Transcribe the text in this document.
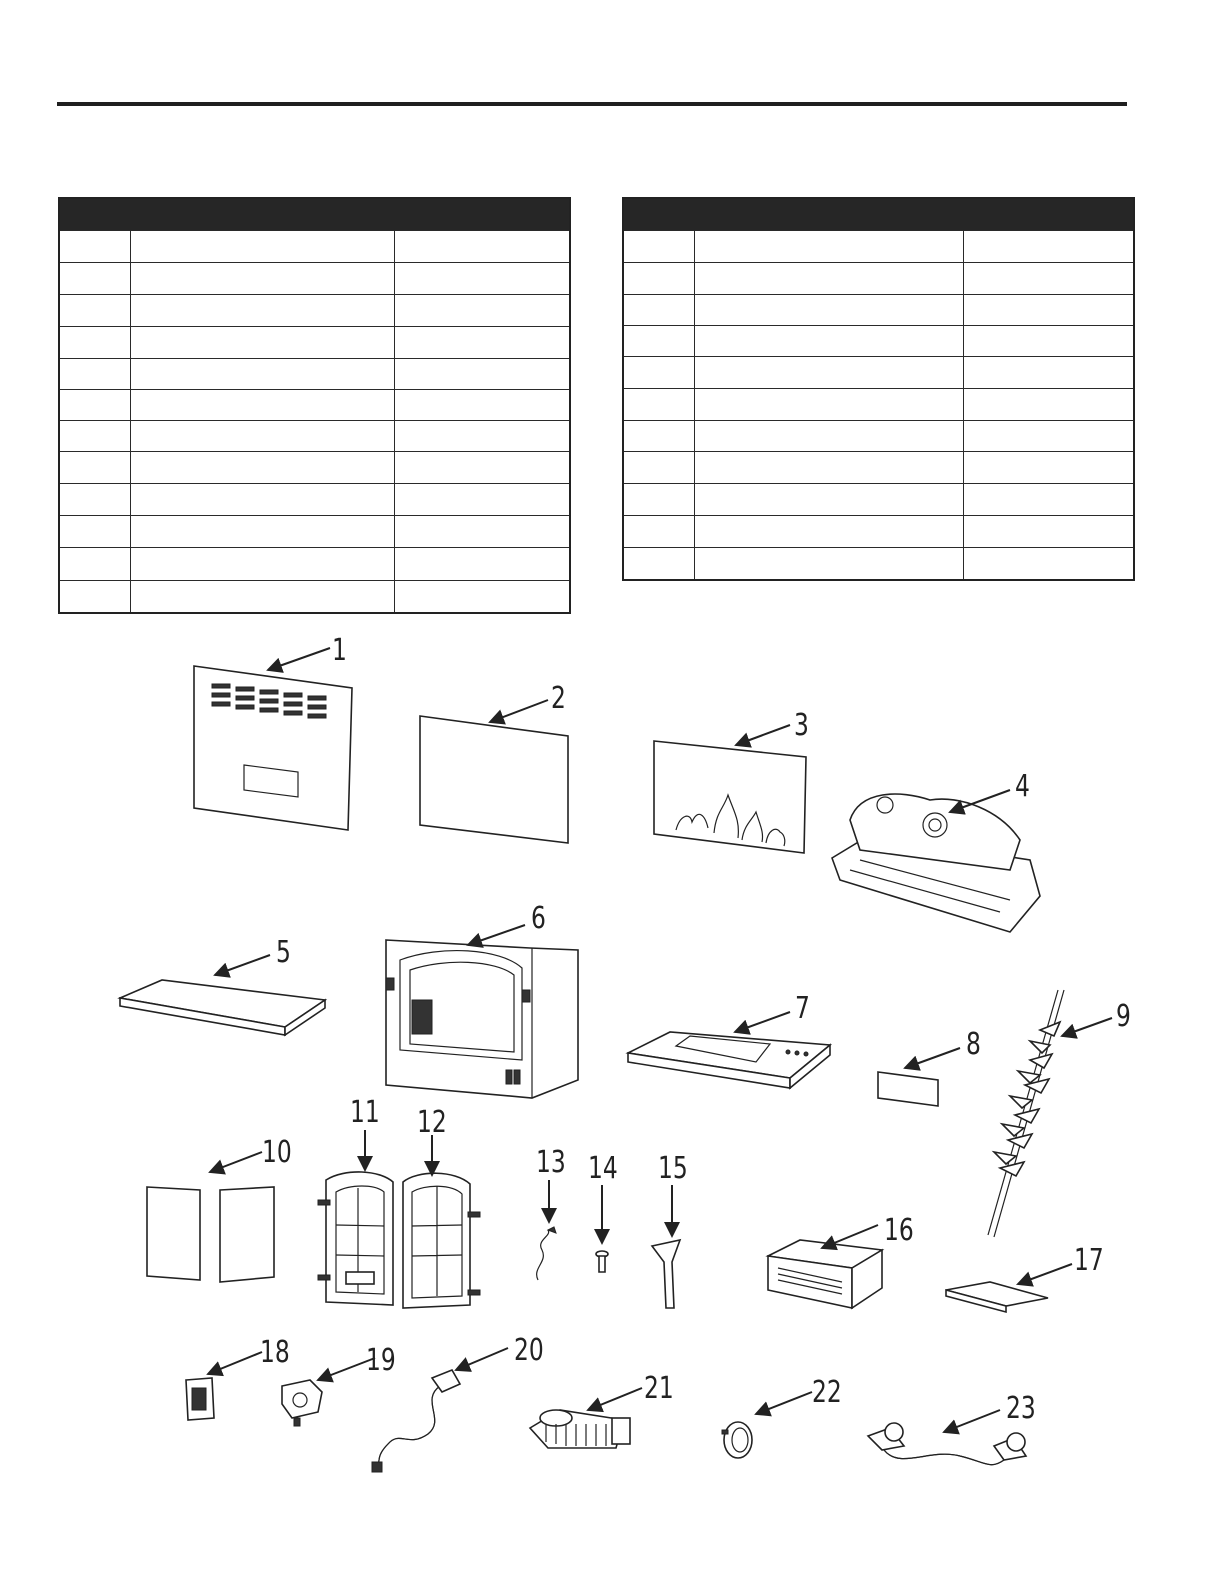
1
2
3
4
5
6
7
8
9
10
11 12
13 14 15
16
17
18	19	20
21	22	23
